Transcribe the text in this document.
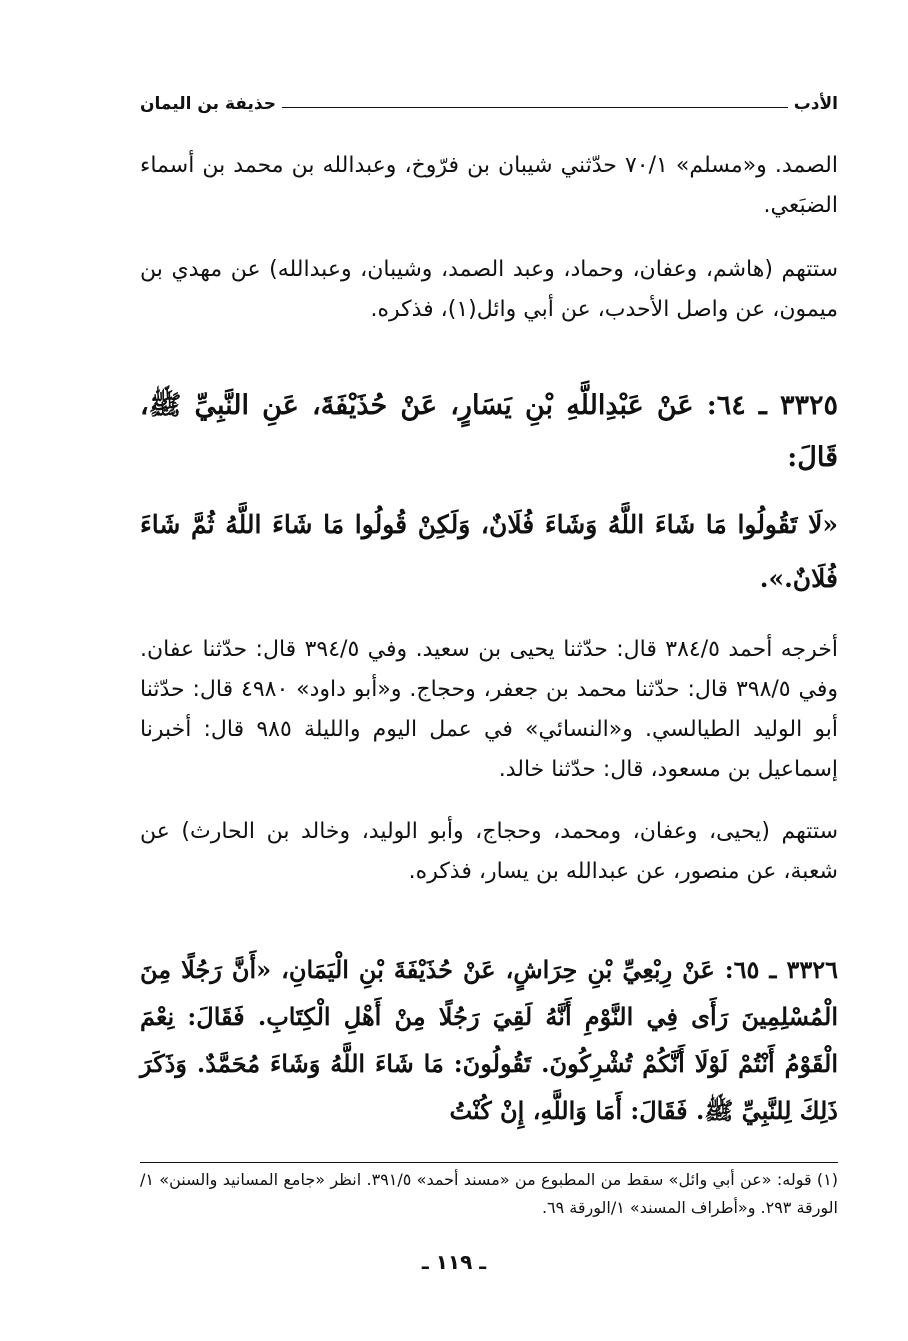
الأدب
حذيفة بن اليمان

الصمد. و«مسلم» ٧٠/١ حدّثني شيبان بن فرّوخ، وعبدالله بن محمد بن أسماء الضبَعي.

ستتهم (هاشم، وعفان، وحماد، وعبد الصمد، وشيبان، وعبدالله) عن مهدي بن ميمون، عن واصل الأحدب، عن أبي وائل(١)، فذكره.

٣٣٢٥ ـ ٦٤: عَنْ عَبْدِاللَّهِ بْنِ يَسَارٍ، عَنْ حُذَيْفَةَ، عَنِ النَّبِيِّ ﷺ، قَالَ:

«لَا تَقُولُوا مَا شَاءَ اللَّهُ وَشَاءَ فُلَانٌ، وَلَكِنْ قُولُوا مَا شَاءَ اللَّهُ ثُمَّ شَاءَ فُلَانٌ.».

أخرجه أحمد ٣٨٤/٥ قال: حدّثنا يحيى بن سعيد. وفي ٣٩٤/٥ قال: حدّثنا عفان. وفي ٣٩٨/٥ قال: حدّثنا محمد بن جعفر، وحجاج. و«أبو داود» ٤٩٨٠ قال: حدّثنا أبو الوليد الطيالسي. و«النسائي» في عمل اليوم والليلة ٩٨٥ قال: أخبرنا إسماعيل بن مسعود، قال: حدّثنا خالد.

ستتهم (يحيى، وعفان، ومحمد، وحجاج، وأبو الوليد، وخالد بن الحارث) عن شعبة، عن منصور، عن عبدالله بن يسار، فذكره.

٣٣٢٦ ـ ٦٥: عَنْ رِبْعِيِّ بْنِ حِرَاشٍ، عَنْ حُذَيْفَةَ بْنِ الْيَمَانِ، «أَنَّ رَجُلًا مِنَ الْمُسْلِمِينَ رَأَى فِي النَّوْمِ أَنَّهُ لَقِيَ رَجُلًا مِنْ أَهْلِ الْكِتَابِ. فَقَالَ: نِعْمَ الْقَوْمُ أَنْتُمْ لَوْلَا أَنَّكُمْ تُشْرِكُونَ. تَقُولُونَ: مَا شَاءَ اللَّهُ وَشَاءَ مُحَمَّدٌ. وَذَكَرَ ذَلِكَ لِلنَّبِيِّ ﷺ. فَقَالَ: أَمَا وَاللَّهِ، إِنْ كُنْتُ

(١) قوله: «عن أبي وائل» سقط من المطبوع من «مسند أحمد» ٣٩١/٥. انظر «جامع المسانيد والسنن» ١/الورقة ٢٩٣. و«أطراف المسند» ١/الورقة ٦٩.

ـ ١١٩ ـ
